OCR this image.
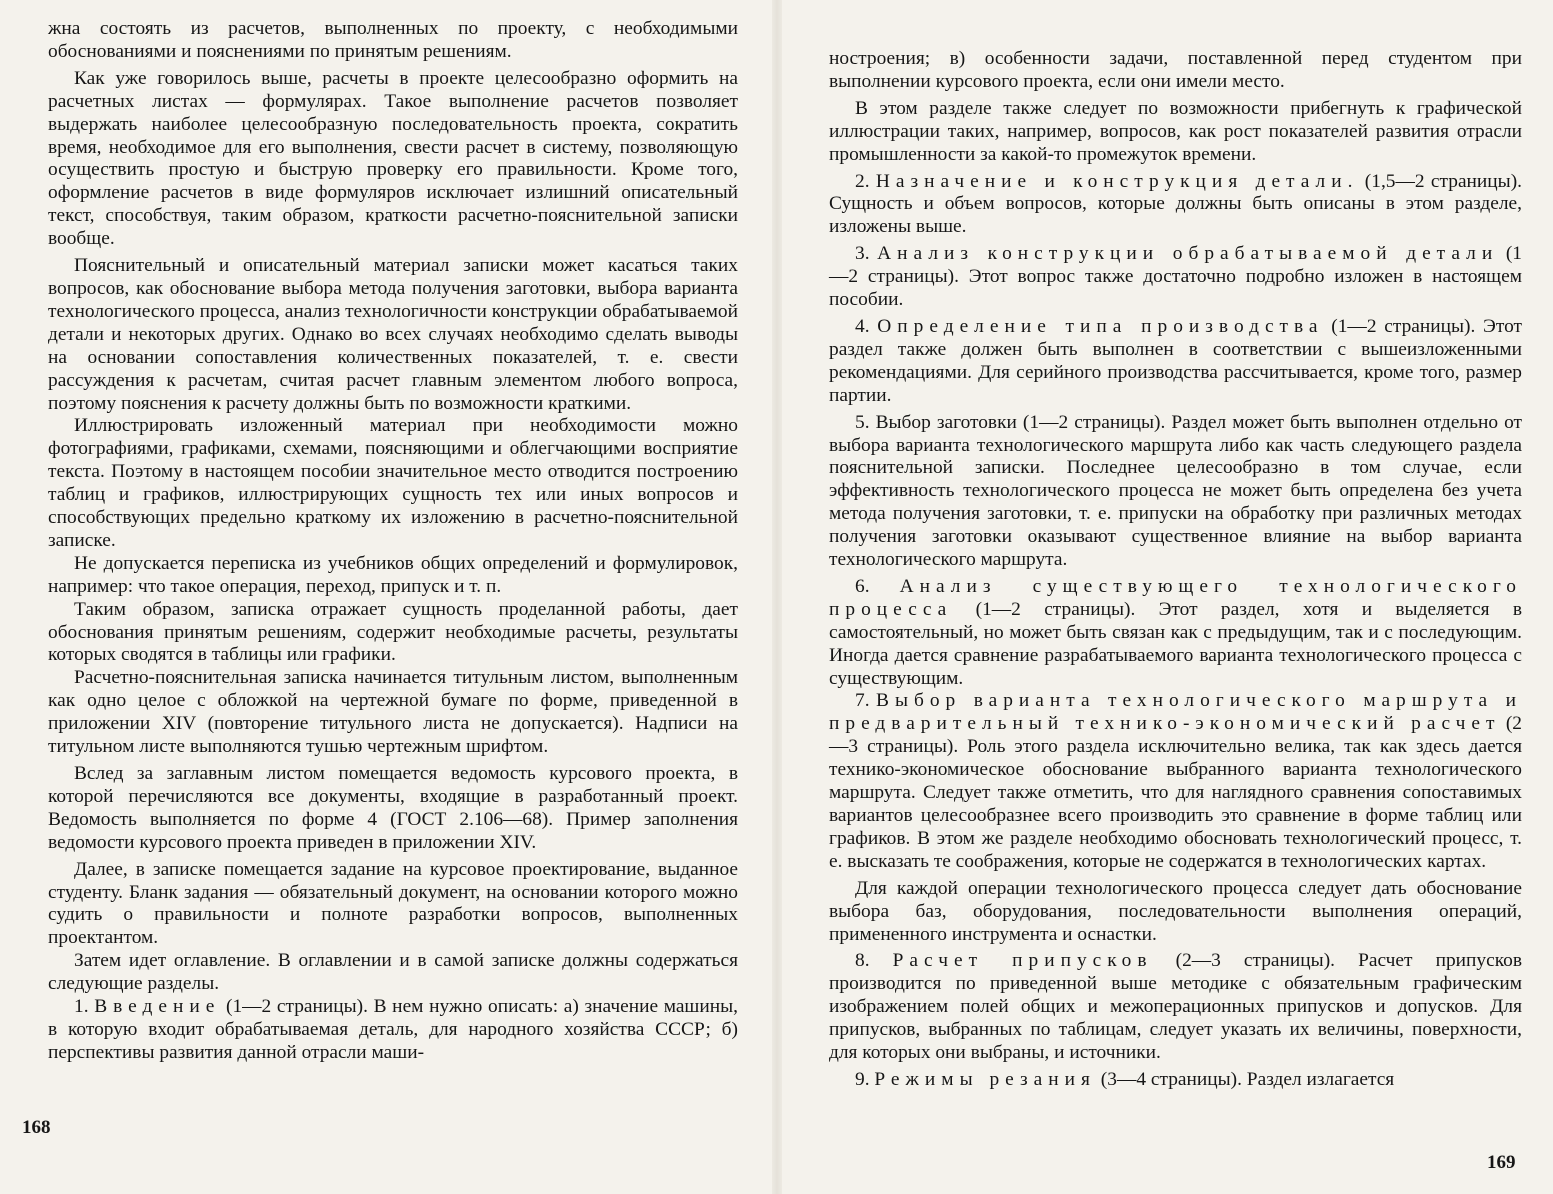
жна состоять из расчетов, выполненных по проекту, с необходимыми обоснованиями и пояснениями по принятым решениям.

Как уже говорилось выше, расчеты в проекте целесообразно оформить на расчетных листах — формулярах. Такое выполнение расчетов позволяет выдержать наиболее целесообразную последовательность проекта, сократить время, необходимое для его выполнения, свести расчет в систему, позволяющую осуществить простую и быструю проверку его правильности. Кроме того, оформление расчетов в виде формуляров исключает излишний описательный текст, способствуя, таким образом, краткости расчетно-пояснительной записки вообще.

Пояснительный и описательный материал записки может касаться таких вопросов, как обоснование выбора метода получения заготовки, выбора варианта технологического процесса, анализ технологичности конструкции обрабатываемой детали и некоторых других. Однако во всех случаях необходимо сделать выводы на основании сопоставления количественных показателей, т. е. свести рассуждения к расчетам, считая расчет главным элементом любого вопроса, поэтому пояснения к расчету должны быть по возможности краткими.

Иллюстрировать изложенный материал при необходимости можно фотографиями, графиками, схемами, поясняющими и облегчающими восприятие текста. Поэтому в настоящем пособии значительное место отводится построению таблиц и графиков, иллюстрирующих сущность тех или иных вопросов и способствующих предельно краткому их изложению в расчетно-пояснительной записке.

Не допускается переписка из учебников общих определений и формулировок, например: что такое операция, переход, припуск и т. п.

Таким образом, записка отражает сущность проделанной работы, дает обоснования принятым решениям, содержит необходимые расчеты, результаты которых сводятся в таблицы или графики.

Расчетно-пояснительная записка начинается титульным листом, выполненным как одно целое с обложкой на чертежной бумаге по форме, приведенной в приложении XIV (повторение титульного листа не допускается). Надписи на титульном листе выполняются тушью чертежным шрифтом.

Вслед за заглавным листом помещается ведомость курсового проекта, в которой перечисляются все документы, входящие в разработанный проект. Ведомость выполняется по форме 4 (ГОСТ 2.106—68). Пример заполнения ведомости курсового проекта приведен в приложении XIV.

Далее, в записке помещается задание на курсовое проектирование, выданное студенту. Бланк задания — обязательный документ, на основании которого можно судить о правильности и полноте разработки вопросов, выполненных проектантом.

Затем идет оглавление. В оглавлении и в самой записке должны содержаться следующие разделы.

1. Введение (1—2 страницы). В нем нужно описать: а) значение машины, в которую входит обрабатываемая деталь, для народного хозяйства СССР; б) перспективы развития данной отрасли маши-

168

ностроения; в) особенности задачи, поставленной перед студентом при выполнении курсового проекта, если они имели место.

В этом разделе также следует по возможности прибегнуть к графической иллюстрации таких, например, вопросов, как рост показателей развития отрасли промышленности за какой-то промежуток времени.

2. Назначение и конструкция детали. (1,5—2 страницы). Сущность и объем вопросов, которые должны быть описаны в этом разделе, изложены выше.

3. Анализ конструкции обрабатываемой детали (1—2 страницы). Этот вопрос также достаточно подробно изложен в настоящем пособии.

4. Определение типа производства (1—2 страницы). Этот раздел также должен быть выполнен в соответствии с вышеизложенными рекомендациями. Для серийного производства рассчитывается, кроме того, размер партии.

5. Выбор заготовки (1—2 страницы). Раздел может быть выполнен отдельно от выбора варианта технологического маршрута либо как часть следующего раздела пояснительной записки. Последнее целесообразно в том случае, если эффективность технологического процесса не может быть определена без учета метода получения заготовки, т. е. припуски на обработку при различных методах получения заготовки оказывают существенное влияние на выбор варианта технологического маршрута.

6. Анализ существующего технологического процесса (1—2 страницы). Этот раздел, хотя и выделяется в самостоятельный, но может быть связан как с предыдущим, так и с последующим. Иногда дается сравнение разрабатываемого варианта технологического процесса с существующим.

7. Выбор варианта технологического маршрута и предварительный технико-экономический расчет (2—3 страницы). Роль этого раздела исключительно велика, так как здесь дается технико-экономическое обоснование выбранного варианта технологического маршрута. Следует также отметить, что для наглядного сравнения сопоставимых вариантов целесообразнее всего производить это сравнение в форме таблиц или графиков. В этом же разделе необходимо обосновать технологический процесс, т. е. высказать те соображения, которые не содержатся в технологических картах.

Для каждой операции технологического процесса следует дать обоснование выбора баз, оборудования, последовательности выполнения операций, примененного инструмента и оснастки.

8. Расчет припусков (2—3 страницы). Расчет припусков производится по приведенной выше методике с обязательным графическим изображением полей общих и межоперационных припусков и допусков. Для припусков, выбранных по таблицам, следует указать их величины, поверхности, для которых они выбраны, и источники.

9. Режимы резания (3—4 страницы). Раздел излагается

169
